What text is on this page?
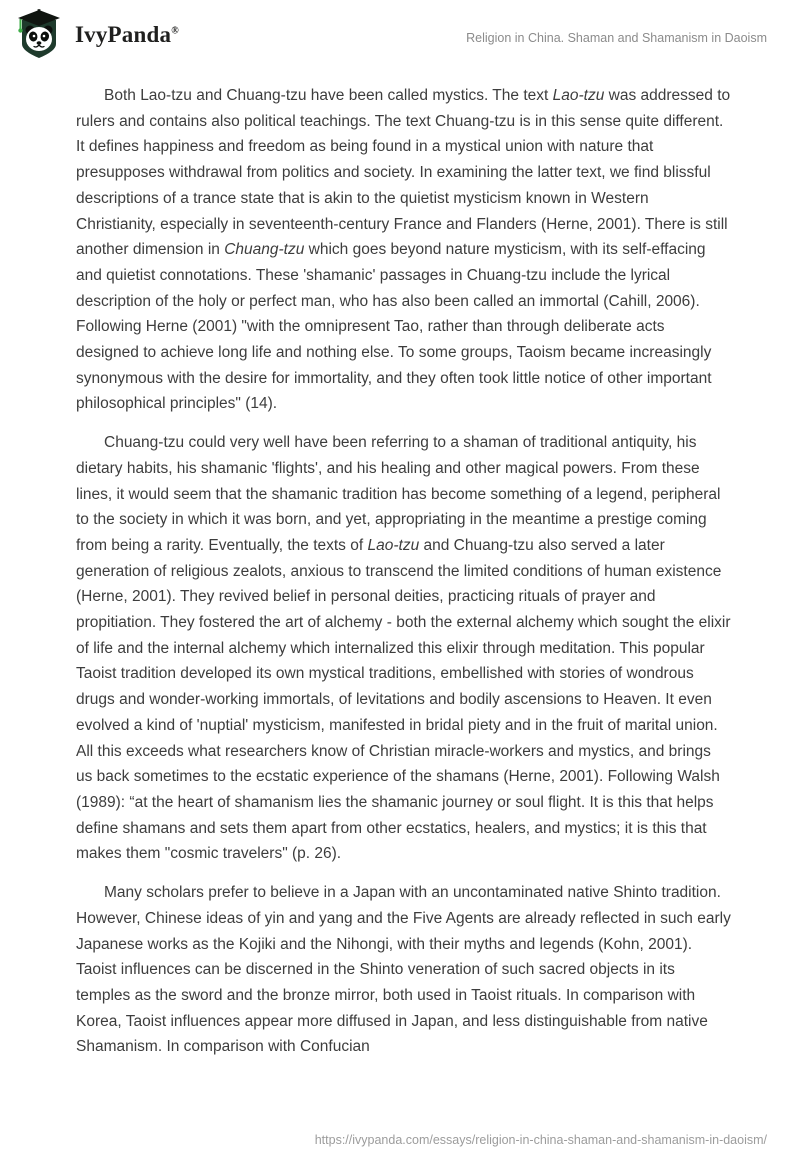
IvyPanda®
Religion in China. Shaman and Shamanism in Daoism

Both Lao-tzu and Chuang-tzu have been called mystics. The text Lao-tzu was addressed to rulers and contains also political teachings. The text Chuang-tzu is in this sense quite different. It defines happiness and freedom as being found in a mystical union with nature that presupposes withdrawal from politics and society. In examining the latter text, we find blissful descriptions of a trance state that is akin to the quietist mysticism known in Western Christianity, especially in seventeenth-century France and Flanders (Herne, 2001). There is still another dimension in Chuang-tzu which goes beyond nature mysticism, with its self-effacing and quietist connotations. These 'shamanic' passages in Chuang-tzu include the lyrical description of the holy or perfect man, who has also been called an immortal (Cahill, 2006). Following Herne (2001) "with the omnipresent Tao, rather than through deliberate acts designed to achieve long life and nothing else. To some groups, Taoism became increasingly synonymous with the desire for immortality, and they often took little notice of other important philosophical principles" (14).

Chuang-tzu could very well have been referring to a shaman of traditional antiquity, his dietary habits, his shamanic 'flights', and his healing and other magical powers. From these lines, it would seem that the shamanic tradition has become something of a legend, peripheral to the society in which it was born, and yet, appropriating in the meantime a prestige coming from being a rarity. Eventually, the texts of Lao-tzu and Chuang-tzu also served a later generation of religious zealots, anxious to transcend the limited conditions of human existence (Herne, 2001). They revived belief in personal deities, practicing rituals of prayer and propitiation. They fostered the art of alchemy - both the external alchemy which sought the elixir of life and the internal alchemy which internalized this elixir through meditation. This popular Taoist tradition developed its own mystical traditions, embellished with stories of wondrous drugs and wonder-working immortals, of levitations and bodily ascensions to Heaven. It even evolved a kind of 'nuptial' mysticism, manifested in bridal piety and in the fruit of marital union. All this exceeds what researchers know of Christian miracle-workers and mystics, and brings us back sometimes to the ecstatic experience of the shamans (Herne, 2001). Following Walsh (1989): “at the heart of shamanism lies the shamanic journey or soul flight. It is this that helps define shamans and sets them apart from other ecstatics, healers, and mystics; it is this that makes them "cosmic travelers" (p. 26).

Many scholars prefer to believe in a Japan with an uncontaminated native Shinto tradition. However, Chinese ideas of yin and yang and the Five Agents are already reflected in such early Japanese works as the Kojiki and the Nihongi, with their myths and legends (Kohn, 2001). Taoist influences can be discerned in the Shinto veneration of such sacred objects in its temples as the sword and the bronze mirror, both used in Taoist rituals. In comparison with Korea, Taoist influences appear more diffused in Japan, and less distinguishable from native Shamanism. In comparison with Confucian

https://ivypanda.com/essays/religion-in-china-shaman-and-shamanism-in-daoism/
